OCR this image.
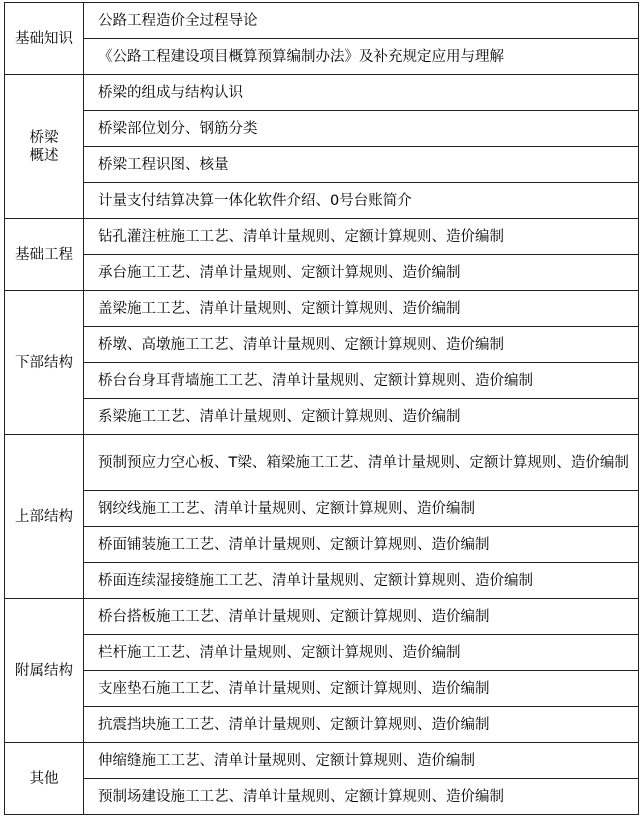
基础知识	公路工程造价全过程导论
	《公路工程建设项目概算预算编制办法》及补充规定应用与理解

桥梁
概述	桥梁的组成与结构认识
	桥梁部位划分、钢筋分类
	桥梁工程识图、核量
	计量支付结算决算一体化软件介绍、0号台账简介
基础工程	钻孔灌注桩施工工艺、清单计量规则、定额计算规则、造价编制
	承台施工工艺、清单计量规则、定额计算规则、造价编制
下部结构	盖梁施工工艺、清单计量规则、定额计算规则、造价编制
	桥墩、高墩施工工艺、清单计量规则、定额计算规则、造价编制
	桥台台身耳背墙施工工艺、清单计量规则、定额计算规则、造价编制
	系梁施工工艺、清单计量规则、定额计算规则、造价编制
上部结构	预制预应力空心板、T梁、箱梁施工工艺、清单计量规则、定额计算规则、造价编制
	钢绞线施工工艺、清单计量规则、定额计算规则、造价编制
	桥面铺装施工工艺、清单计量规则、定额计算规则、造价编制
	桥面连续湿接缝施工工艺、清单计量规则、定额计算规则、造价编制
附属结构	桥台搭板施工工艺、清单计量规则、定额计算规则、造价编制
	栏杆施工工艺、清单计量规则、定额计算规则、造价编制
	支座垫石施工工艺、清单计量规则、定额计算规则、造价编制
	抗震挡块施工工艺、清单计量规则、定额计算规则、造价编制
其他	伸缩缝施工工艺、清单计量规则、定额计算规则、造价编制
	预制场建设施工工艺、清单计量规则、定额计算规则、造价编制
